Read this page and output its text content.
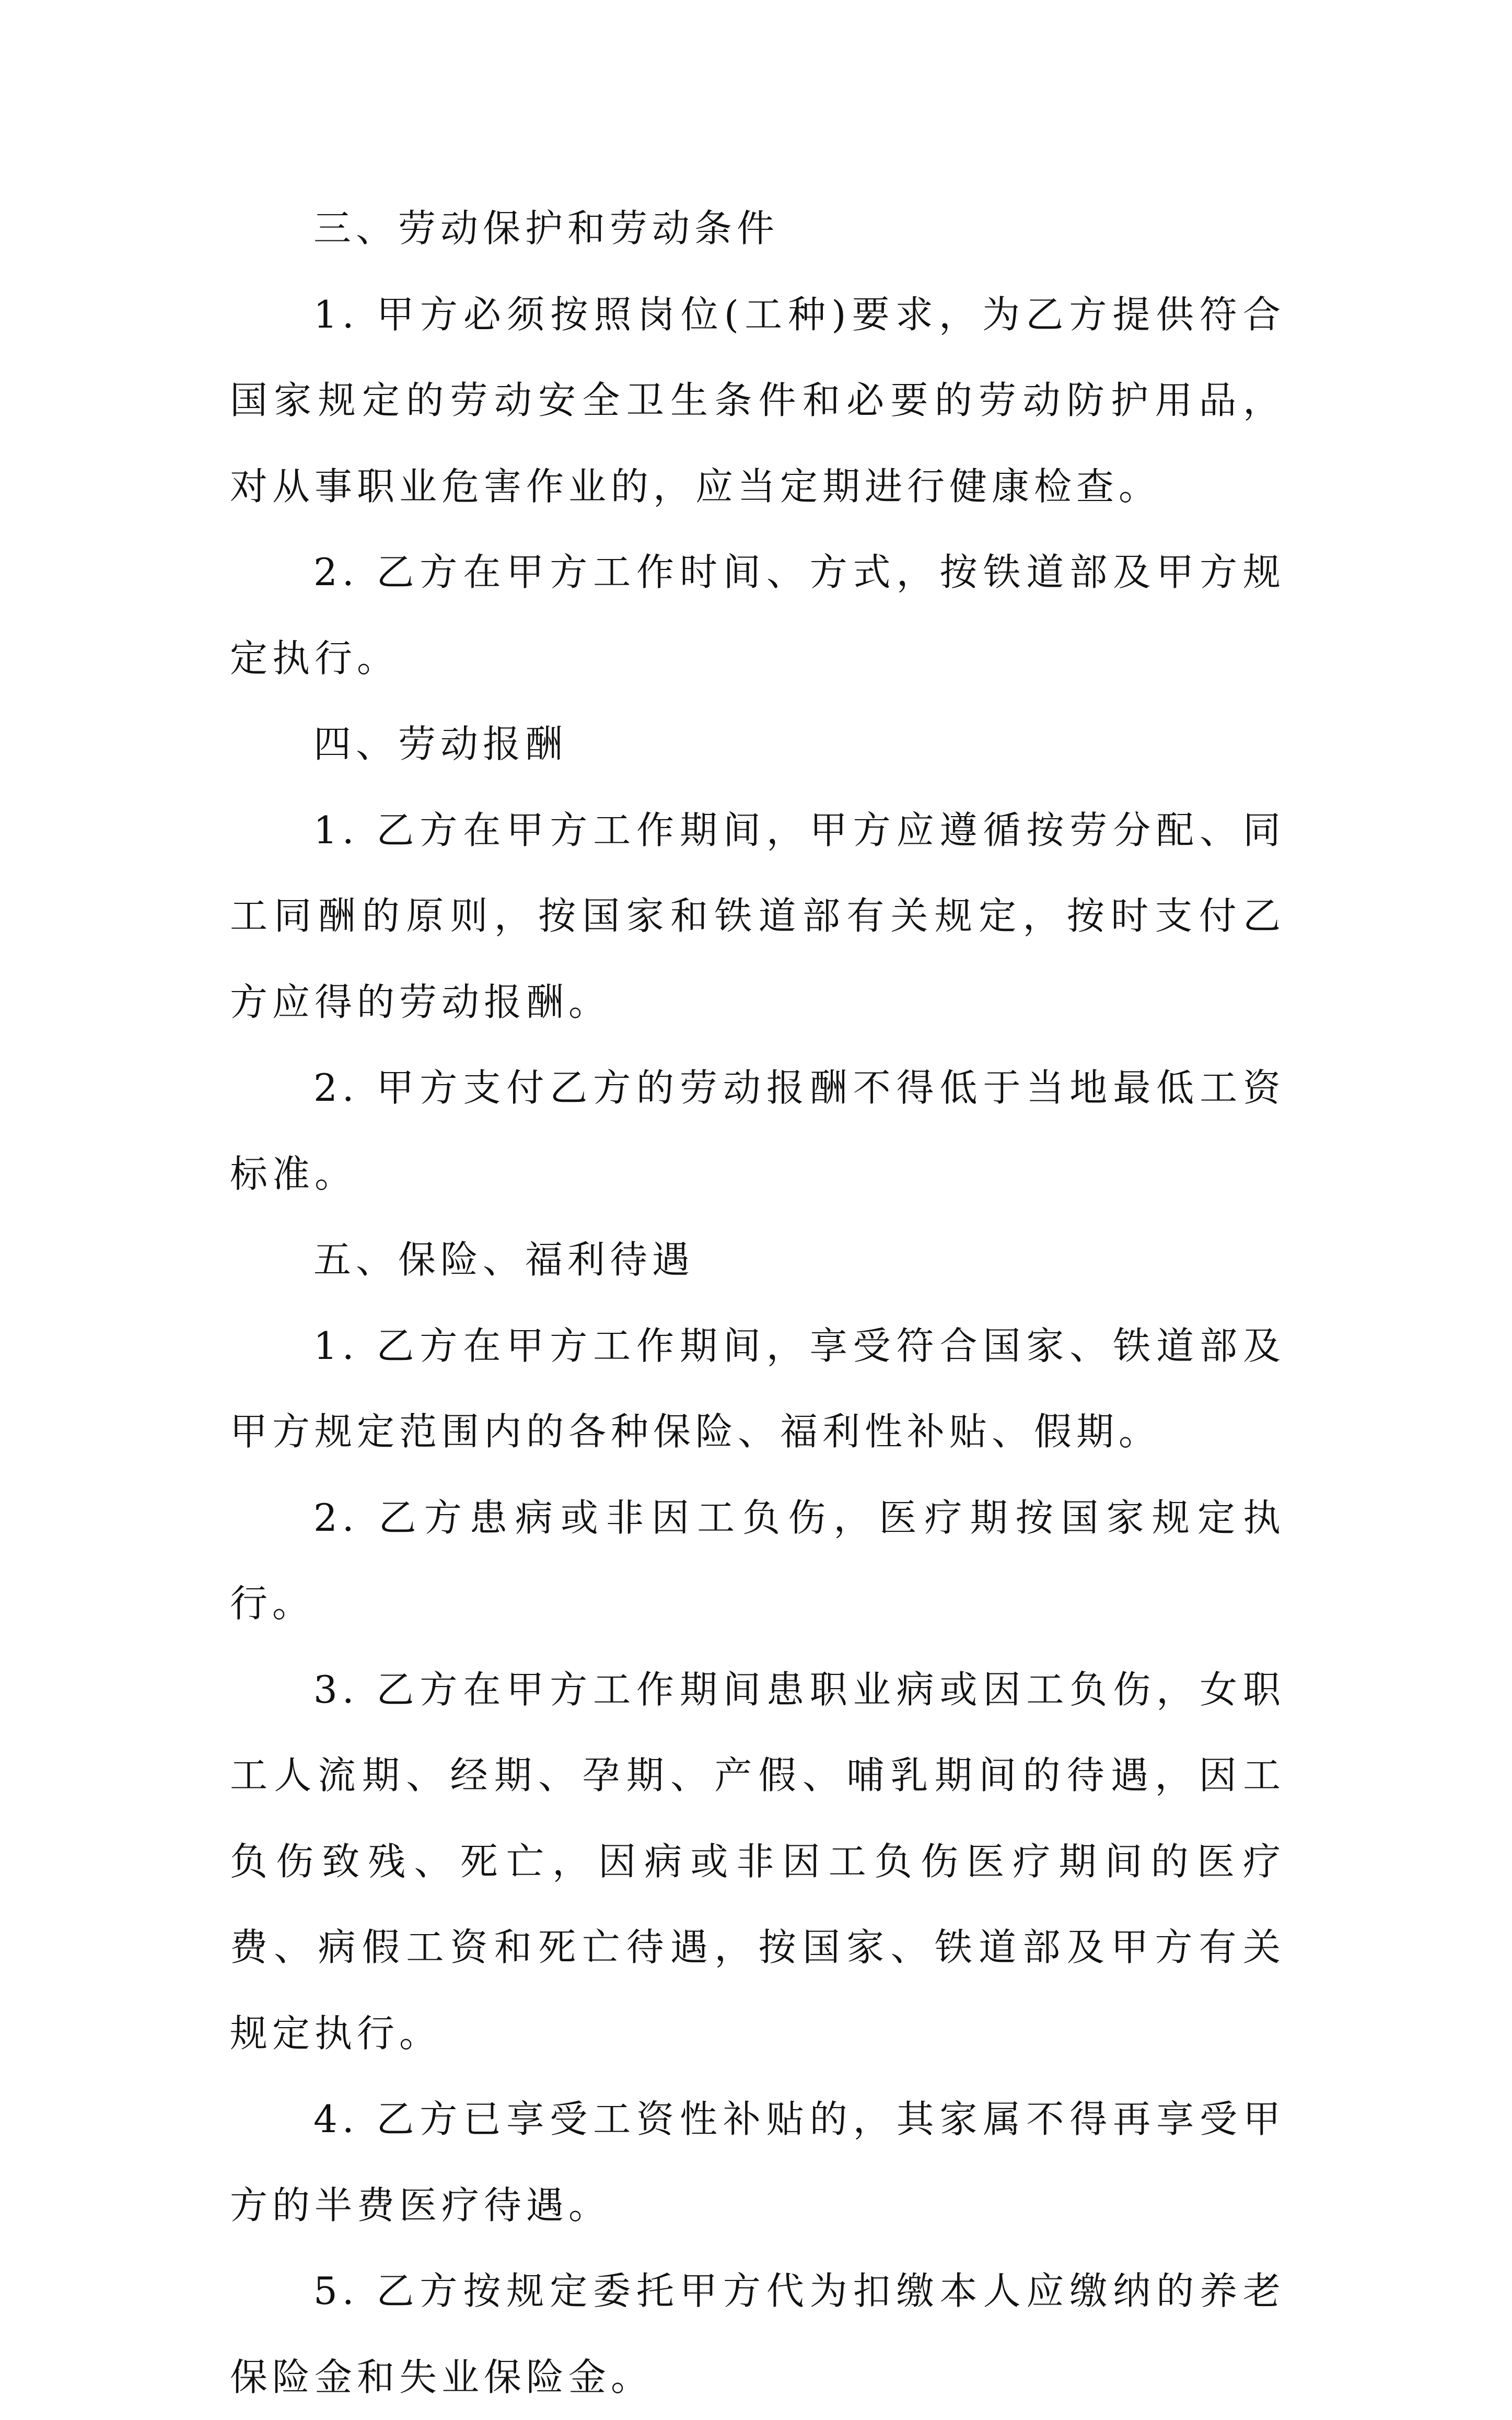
三、劳动保护和劳动条件

1. 甲方必须按照岗位(工种)要求，为乙方提供符合国家规定的劳动安全卫生条件和必要的劳动防护用品，对从事职业危害作业的，应当定期进行健康检查。

2. 乙方在甲方工作时间、方式，按铁道部及甲方规定执行。

四、劳动报酬

1. 乙方在甲方工作期间，甲方应遵循按劳分配、同工同酬的原则，按国家和铁道部有关规定，按时支付乙方应得的劳动报酬。

2. 甲方支付乙方的劳动报酬不得低于当地最低工资标准。

五、保险、福利待遇

1. 乙方在甲方工作期间，享受符合国家、铁道部及甲方规定范围内的各种保险、福利性补贴、假期。

2. 乙方患病或非因工负伤，医疗期按国家规定执行。

3. 乙方在甲方工作期间患职业病或因工负伤，女职工人流期、经期、孕期、产假、哺乳期间的待遇，因工负伤致残、死亡，因病或非因工负伤医疗期间的医疗费、病假工资和死亡待遇，按国家、铁道部及甲方有关规定执行。

4. 乙方已享受工资性补贴的，其家属不得再享受甲方的半费医疗待遇。

5. 乙方按规定委托甲方代为扣缴本人应缴纳的养老保险金和失业保险金。
